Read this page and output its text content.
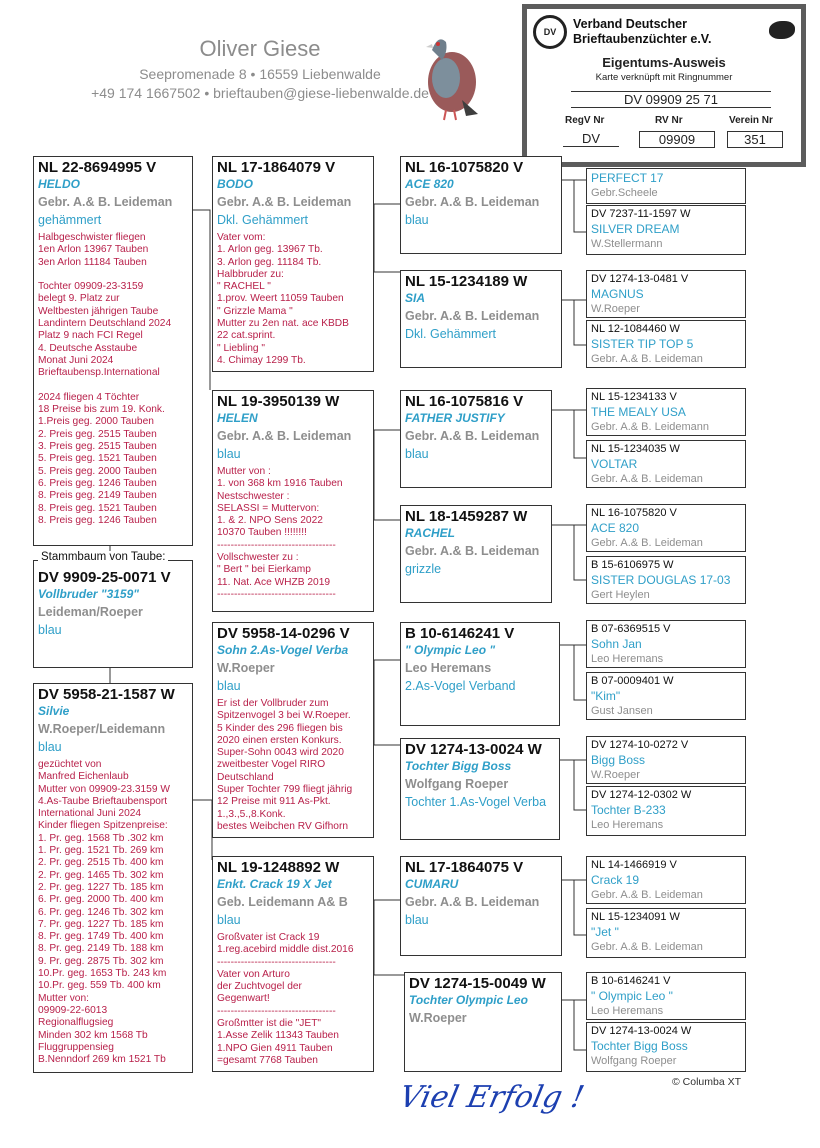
Oliver Giese
Seepromenade 8 • 16559 Liebenwalde
+49 174 1667502 • brieftauben@giese-liebenwalde.de
DV
Verband Deutscher
Brieftaubenzüchter e.V.
Eigentums-Ausweis
Karte verknüpft mit Ringnummer
DV 09909 25 71
RegV Nr	RV Nr	Verein Nr
DV	09909	351
NL 22-8694995 V
HELDO
Gebr. A.& B. Leideman
gehämmert
Halbgeschwister fliegen
1en Arlon 13967 Tauben
3en Arlon 11184 Tauben

Tochter 09909-23-3159
belegt 9. Platz zur
Weltbesten jährigen Taube
Landintern Deutschland 2024
Platz 9 nach FCI Regel
4. Deutsche Asstaube
Monat Juni 2024
Brieftaubensp.International

2024 fliegen 4 Töchter
18 Preise bis zum 19. Konk.
1.Preis geg. 2000 Tauben
2. Preis geg. 2515 Tauben
3. Preis geg. 2515 Tauben
5. Preis geg. 1521 Tauben
5. Preis geg. 2000 Tauben
6. Preis geg. 1246 Tauben
8. Preis geg. 2149 Tauben
8. Preis geg. 1521 Tauben
8. Preis geg. 1246 Tauben
DV 9909-25-0071 V
Vollbruder "3159"
Leideman/Roeper
blau
Stammbaum von Taube:
DV 5958-21-1587 W
Silvie
W.Roeper/Leidemann
blau
gezüchtet von
Manfred Eichenlaub
Mutter von 09909-23.3159 W
4.As-Taube Brieftaubensport
International Juni 2024
Kinder fliegen Spitzenpreise:
1. Pr. geg. 1568 Tb .302 km
1. Pr. geg. 1521 Tb. 269 km
2. Pr. geg. 2515 Tb. 400 km
2. Pr. geg. 1465 Tb. 302 km
2. Pr. geg. 1227 Tb. 185 km
6. Pr. geg. 2000 Tb. 400 km
6. Pr. geg. 1246 Tb. 302 km
7. Pr. geg. 1227 Tb. 185 km
8. Pr. geg. 1749 Tb. 400 km
8. Pr. geg. 2149 Tb. 188 km
9. Pr. geg. 2875 Tb. 302 km
10.Pr. geg. 1653 Tb. 243 km
10.Pr. geg. 559 Tb. 400 km
Mutter von:
09909-22-6013
Regionalflugsieg
Minden 302 km 1568 Tb
Fluggruppensieg
B.Nenndorf 269 km 1521 Tb
NL 17-1864079 V
BODO
Gebr. A.& B. Leideman
Dkl. Gehämmert
Vater vom:
1. Arlon geg. 13967 Tb.
3. Arlon geg. 11184 Tb.
Halbbruder zu:
" RACHEL "
1.prov. Weert 11059 Tauben
" Grizzle Mama "
Mutter zu 2en nat. ace KBDB
22 cat.sprint.
" Liebling "
4. Chimay 1299 Tb.
NL 19-3950139 W
HELEN
Gebr. A.& B. Leideman
blau
Mutter von :
1. von 368 km 1916 Tauben
Nestschwester :
SELASSI = Muttervon:
1. & 2. NPO Sens 2022
10370 Tauben !!!!!!!!
-----------------------------------
Vollschwester zu :
" Bert " bei Eierkamp
11. Nat. Ace WHZB 2019
-----------------------------------
DV 5958-14-0296 V
Sohn 2.As-Vogel Verba
W.Roeper
blau
Er ist der Vollbruder zum
Spitzenvogel 3 bei W.Roeper.
5 Kinder des 296 fliegen bis
2020 einen ersten Konkurs.
Super-Sohn 0043 wird 2020
zweitbester Vogel RIRO
Deutschland
Super Tochter 799 fliegt jährig
12 Preise mit 911 As-Pkt.
1.,3.,5.,8.Konk.
bestes Weibchen RV Gifhorn
NL 19-1248892 W
Enkt. Crack 19 X Jet
Geb. Leidemann A& B
blau
Großvater ist Crack 19
1.reg.acebird middle dist.2016
-----------------------------------
Vater von Arturo
der Zuchtvogel der
Gegenwart!
-----------------------------------
Großmtter ist die "JET"
1.Asse Zelik 11343 Tauben
1.NPO Gien 4911 Tauben
=gesamt 7768 Tauben
NL 16-1075820 V
ACE 820
Gebr. A.& B. Leideman
blau
NL 15-1234189 W
SIA
Gebr. A.& B. Leideman
Dkl. Gehämmert
NL 16-1075816 V
FATHER JUSTIFY
Gebr. A.& B. Leideman
blau
NL 18-1459287 W
RACHEL
Gebr. A.& B. Leideman
grizzle
B 10-6146241 V
" Olympic Leo "
Leo Heremans
2.As-Vogel Verband
DV 1274-13-0024 W
Tochter Bigg Boss
Wolfgang Roeper
Tochter 1.As-Vogel Verba
NL 17-1864075 V
CUMARU
Gebr. A.& B. Leideman
blau
DV 1274-15-0049 W
Tochter Olympic Leo
W.Roeper
PERFECT 17
Gebr.Scheele
DV 7237-11-1597 W
SILVER DREAM
W.Stellermann
DV 1274-13-0481 V
MAGNUS
W.Roeper
NL 12-1084460 W
SISTER TIP TOP 5
Gebr. A.& B. Leideman
NL 15-1234133 V
THE MEALY USA
Gebr. A.& B. Leidemann
NL 15-1234035 W
VOLTAR
Gebr. A.& B. Leideman
NL 16-1075820 V
ACE 820
Gebr. A.& B. Leideman
B 15-6106975 W
SISTER DOUGLAS 17-03
Gert Heylen
B 07-6369515 V
Sohn Jan
Leo Heremans
B 07-0009401 W
"Kim"
Gust Jansen
DV 1274-10-0272 V
Bigg Boss
W.Roeper
DV 1274-12-0302 W
Tochter B-233
Leo Heremans
NL 14-1466919 V
Crack 19
Gebr. A.& B. Leideman
NL 15-1234091 W
"Jet "
Gebr. A.& B. Leideman
B 10-6146241 V
" Olympic Leo "
Leo Heremans
DV 1274-13-0024 W
Tochter Bigg Boss
Wolfgang Roeper
© Columba XT
Viel Erfolg !
